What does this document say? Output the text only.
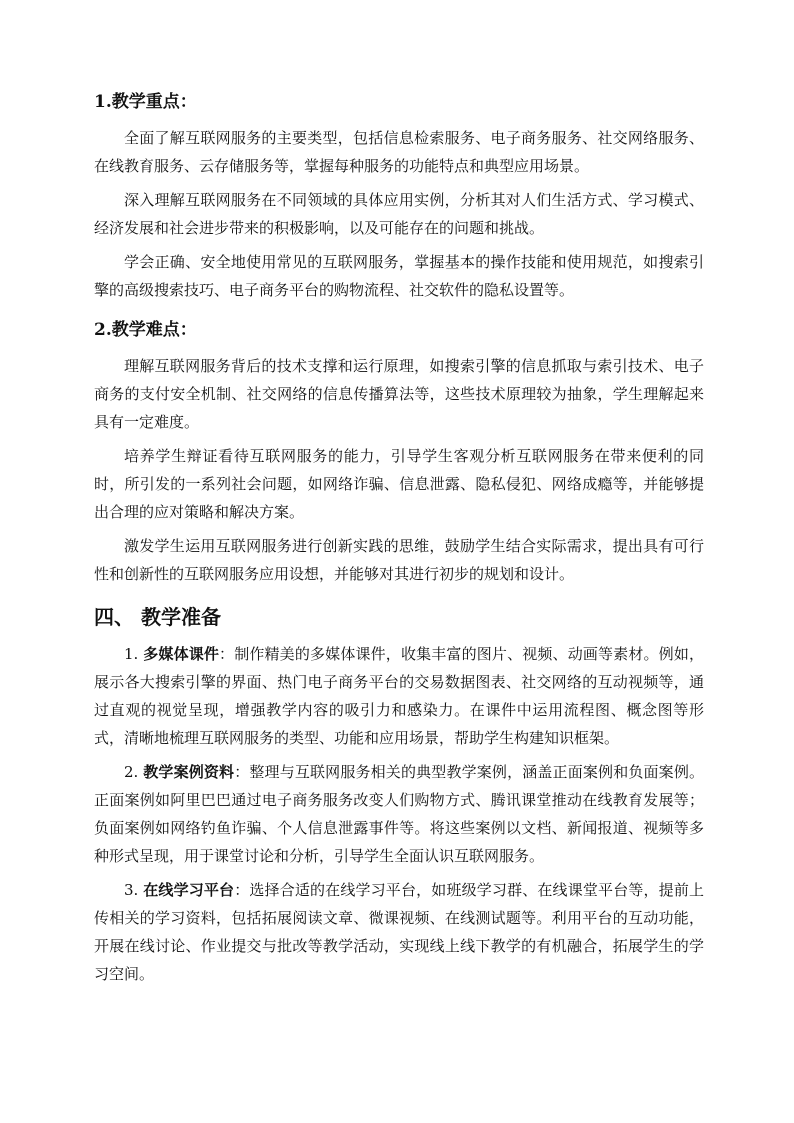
1.教学重点：

全面了解互联网服务的主要类型，包括信息检索服务、电子商务服务、社交网络服务、在线教育服务、云存储服务等，掌握每种服务的功能特点和典型应用场景。

深入理解互联网服务在不同领域的具体应用实例，分析其对人们生活方式、学习模式、经济发展和社会进步带来的积极影响，以及可能存在的问题和挑战。

学会正确、安全地使用常见的互联网服务，掌握基本的操作技能和使用规范，如搜索引擎的高级搜索技巧、电子商务平台的购物流程、社交软件的隐私设置等。

2.教学难点：

理解互联网服务背后的技术支撑和运行原理，如搜索引擎的信息抓取与索引技术、电子商务的支付安全机制、社交网络的信息传播算法等，这些技术原理较为抽象，学生理解起来具有一定难度。

培养学生辩证看待互联网服务的能力，引导学生客观分析互联网服务在带来便利的同时，所引发的一系列社会问题，如网络诈骗、信息泄露、隐私侵犯、网络成瘾等，并能够提出合理的应对策略和解决方案。

激发学生运用互联网服务进行创新实践的思维，鼓励学生结合实际需求，提出具有可行性和创新性的互联网服务应用设想，并能够对其进行初步的规划和设计。

四、 教学准备

1. 多媒体课件：制作精美的多媒体课件，收集丰富的图片、视频、动画等素材。例如，展示各大搜索引擎的界面、热门电子商务平台的交易数据图表、社交网络的互动视频等，通过直观的视觉呈现，增强教学内容的吸引力和感染力。在课件中运用流程图、概念图等形式，清晰地梳理互联网服务的类型、功能和应用场景，帮助学生构建知识框架。

2. 教学案例资料：整理与互联网服务相关的典型教学案例，涵盖正面案例和负面案例。正面案例如阿里巴巴通过电子商务服务改变人们购物方式、腾讯课堂推动在线教育发展等；负面案例如网络钓鱼诈骗、个人信息泄露事件等。将这些案例以文档、新闻报道、视频等多种形式呈现，用于课堂讨论和分析，引导学生全面认识互联网服务。

3. 在线学习平台：选择合适的在线学习平台，如班级学习群、在线课堂平台等，提前上传相关的学习资料，包括拓展阅读文章、微课视频、在线测试题等。利用平台的互动功能，开展在线讨论、作业提交与批改等教学活动，实现线上线下教学的有机融合，拓展学生的学习空间。
